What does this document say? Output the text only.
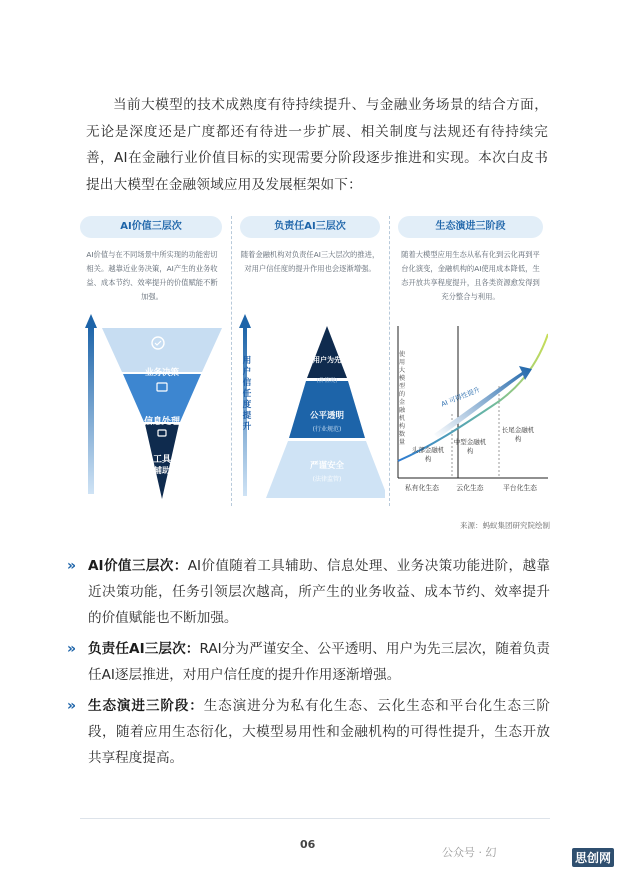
当前大模型的技术成熟度有待持续提升、与金融业务场景的结合方面，无论是深度还是广度都还有待进一步扩展、相关制度与法规还有待持续完善，AI在金融行业价值目标的实现需要分阶段逐步推进和实现。本次白皮书提出大模型在金融领域应用及发展框架如下：
AI价值三层次	负责任AI三层次	生态演进三阶段
AI价值与在不同场景中所实现的功能密切相关。越靠近业务决策，AI产生的业务收益、成本节约、效率提升的价值赋能不断加强。
随着金融机构对负责任AI三大层次的推进，对用户信任度的提升作用也会逐渐增强。
随着大模型应用生态从私有化到云化再到平台化演变，金融机构的AI使用成本降低，生态开放共享程度提升，且各类资源愈发得到充分整合与利用。
业务决策
信息处理
工具
辅助
用户信任度提升
用户为先
(价值观)
公平透明
(行业规范)
严谨安全
(法律监管)
使用大模型的金融机构数量
AI 可得性提升
头部金融机构
中型金融机构
长尾金融机构
私有化生态	云化生态	平台化生态
来源：蚂蚁集团研究院绘制
» AI价值三层次：AI价值随着工具辅助、信息处理、业务决策功能进阶，越靠近决策功能，任务引领层次越高，所产生的业务收益、成本节约、效率提升的价值赋能也不断加强。
» 负责任AI三层次：RAI分为严谨安全、公平透明、用户为先三层次，随着负责任AI逐层推进，对用户信任度的提升作用逐渐增强。
» 生态演进三阶段：生态演进分为私有化生态、云化生态和平台化生态三阶段，随着应用生态衍化，大模型易用性和金融机构的可得性提升，生态开放共享程度提高。
06
公众号 · 幻	思创网
